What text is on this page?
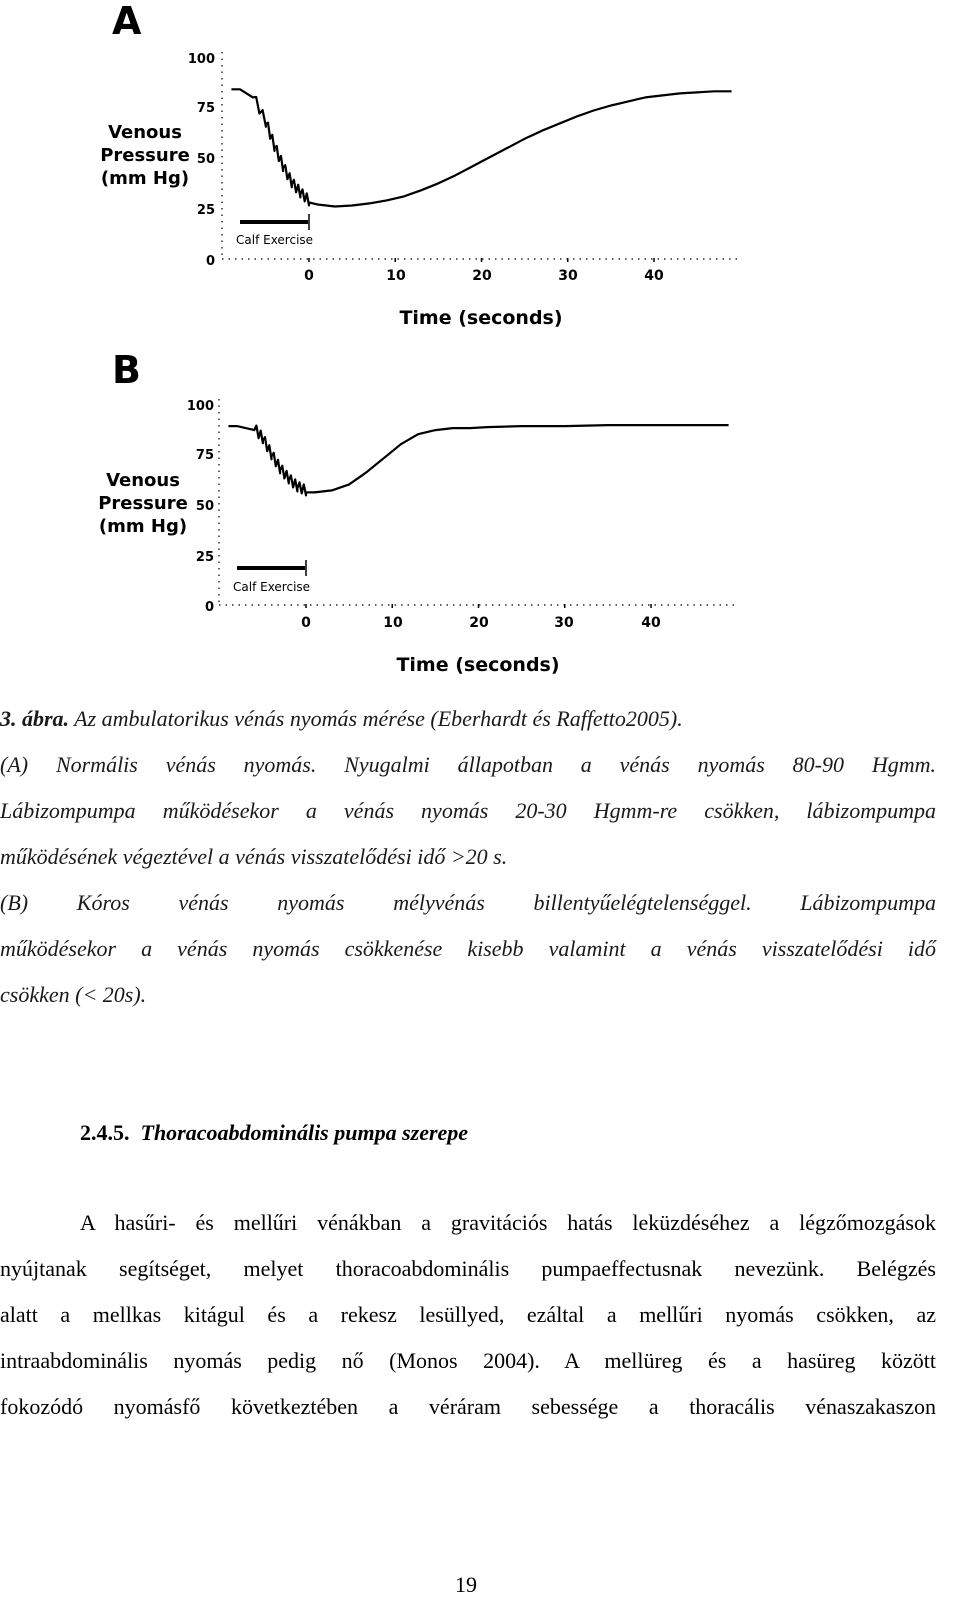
A
Venous
Pressure
(mm Hg)
100
75
50
25
0
Calf Exercise
0	10	20	30	40
Time (seconds)
B
Venous
Pressure
(mm Hg)
100
75
50
25
0
Calf Exercise
0	10	20	30	40
Time (seconds)

3. ábra. Az ambulatorikus vénás nyomás mérése (Eberhardt és Raffetto2005).

(A) Normális vénás nyomás. Nyugalmi állapotban a vénás nyomás 80-90 Hgmm.

Lábizompumpa működésekor a vénás nyomás 20-30 Hgmm-re csökken, lábizompumpa

működésének végeztével a vénás visszatelődési idő >20 s.

(B) Kóros vénás nyomás mélyvénás billentyűelégtelenséggel. Lábizompumpa

működésekor a vénás nyomás csökkenése kisebb valamint a vénás visszatelődési idő

csökken (< 20s).

2.4.5. Thoracoabdominális pumpa szerepe

A hasűri- és mellűri vénákban a gravitációs hatás leküzdéséhez a légzőmozgások

nyújtanak segítséget, melyet thoracoabdominális pumpaeffectusnak nevezünk. Belégzés

alatt a mellkas kitágul és a rekesz lesüllyed, ezáltal a mellűri nyomás csökken, az

intraabdominális nyomás pedig nő (Monos 2004). A mellüreg és a hasüreg között

fokozódó nyomásfő következtében a véráram sebessége a thoracális vénaszakaszon

19
